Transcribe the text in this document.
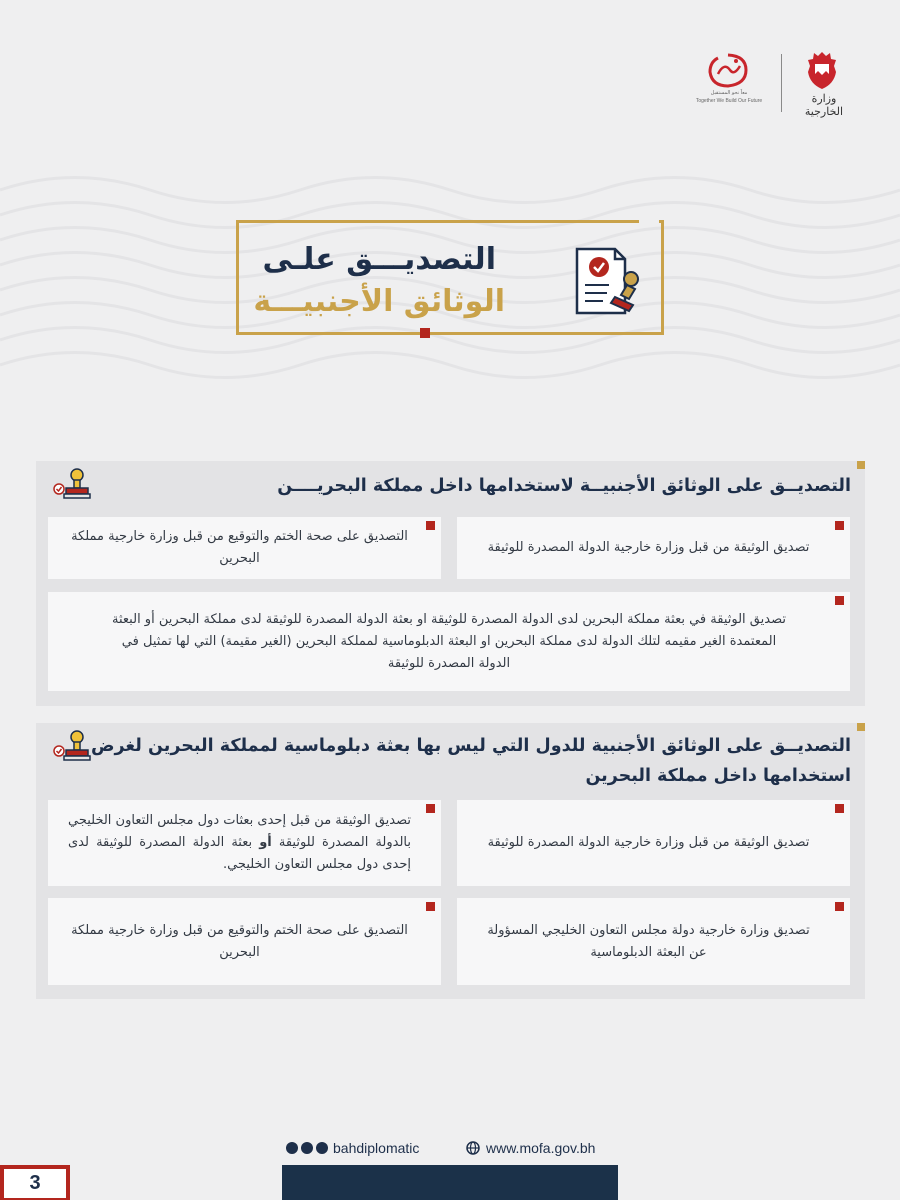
وزارة الخارجية
معاً نحو المستقبل
Together We Build Our Future
التصديـــق علـى
الوثائق الأجنبيـــة
التصديــق على الوثائق الأجنبيــة لاستخدامها داخل مملكة البحريــــن
تصديق الوثيقة من قبل وزارة خارجية الدولة المصدرة للوثيقة
التصديق على صحة الختم والتوقيع من قبل وزارة خارجية مملكة البحرين
تصديق الوثيقة في بعثة مملكة البحرين لدى الدولة المصدرة للوثيقة او بعثة الدولة المصدرة للوثيقة لدى مملكة البحرين أو البعثة المعتمدة الغير مقيمه لتلك الدولة لدى مملكة البحرين او البعثة الدبلوماسية لمملكة البحرين (الغير مقيمة) التي لها تمثيل في الدولة المصدرة للوثيقة
التصديــق على الوثائق الأجنبية للدول التي ليس بها بعثة دبلوماسية لمملكة البحرين لغرض استخدامها داخل مملكة البحرين
تصديق الوثيقة من قبل وزارة خارجية الدولة المصدرة للوثيقة
تصديق الوثيقة من قبل إحدى بعثات دول مجلس التعاون الخليجي بالدولة المصدرة للوثيقة أو بعثة الدولة المصدرة للوثيقة لدى إحدى دول مجلس التعاون الخليجي.
تصديق وزارة خارجية دولة مجلس التعاون الخليجي المسؤولة عن البعثة الدبلوماسية
التصديق على صحة الختم والتوقيع من قبل وزارة خارجية مملكة البحرين
bahdiplomatic	www.mofa.gov.bh
3
